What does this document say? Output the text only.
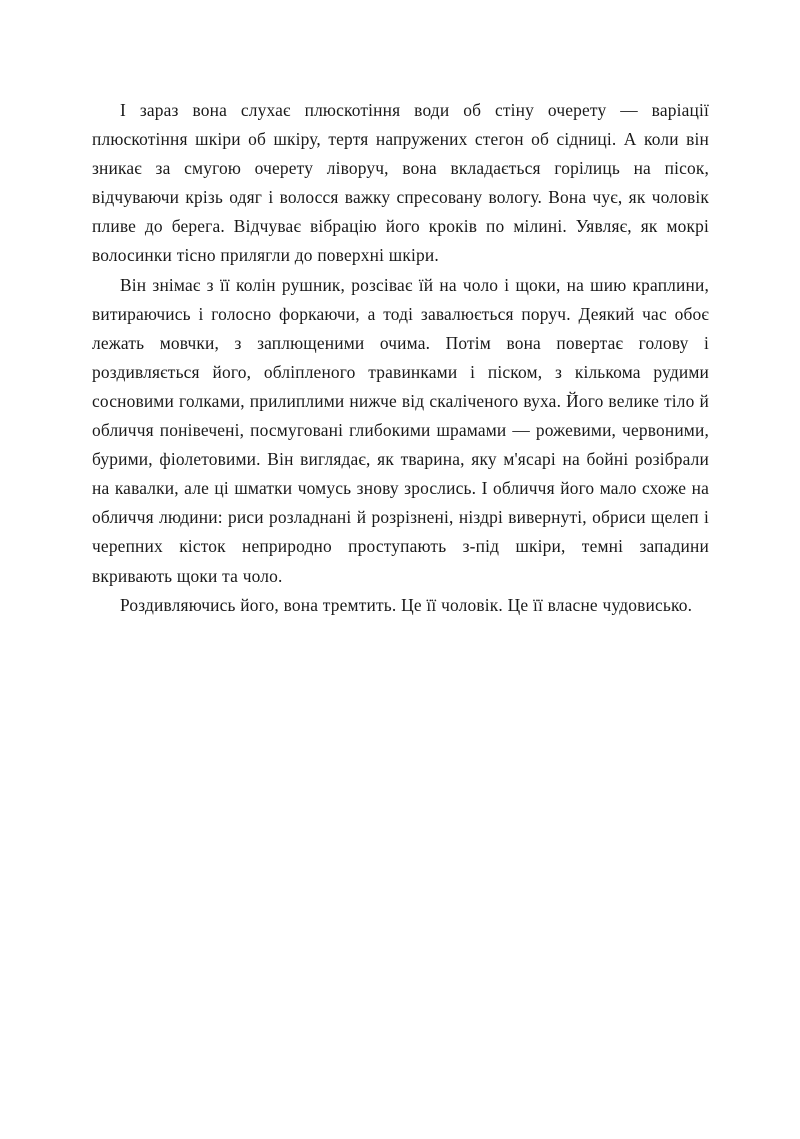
І зараз вона слухає плюскотіння води об стіну очерету — варіації плюскотіння шкіри об шкіру, тертя напружених стегон об сідниці. А коли він зникає за смугою очерету ліворуч, вона вкладається горілиць на пісок, відчуваючи крізь одяг і волосся важку спресовану вологу. Вона чує, як чоловік пливе до берега. Відчуває вібрацію його кроків по мілині. Уявляє, як мокрі волосинки тісно прилягли до поверхні шкіри.

Він знімає з її колін рушник, розсіває їй на чоло і щоки, на шию краплини, витираючись і голосно форкаючи, а тоді завалюється поруч. Деякий час обоє лежать мовчки, з заплющеними очима. Потім вона повертає голову і роздивляється його, обліпленого травинками і піском, з кількома рудими сосновими голками, прилиплими нижче від скаліченого вуха. Його велике тіло й обличчя понівечені, посмуговані глибокими шрамами — рожевими, червоними, бурими, фіолетовими. Він виглядає, як тварина, яку м'ясарі на бойні розібрали на кавалки, але ці шматки чомусь знову зрослись. І обличчя його мало схоже на обличчя людини: риси розладнані й розрізнені, ніздрі вивернуті, обриси щелеп і черепних кісток неприродно проступають з-під шкіри, темні западини вкривають щоки та чоло.

Роздивляючись його, вона тремтить. Це її чоловік. Це її власне чудовисько.
